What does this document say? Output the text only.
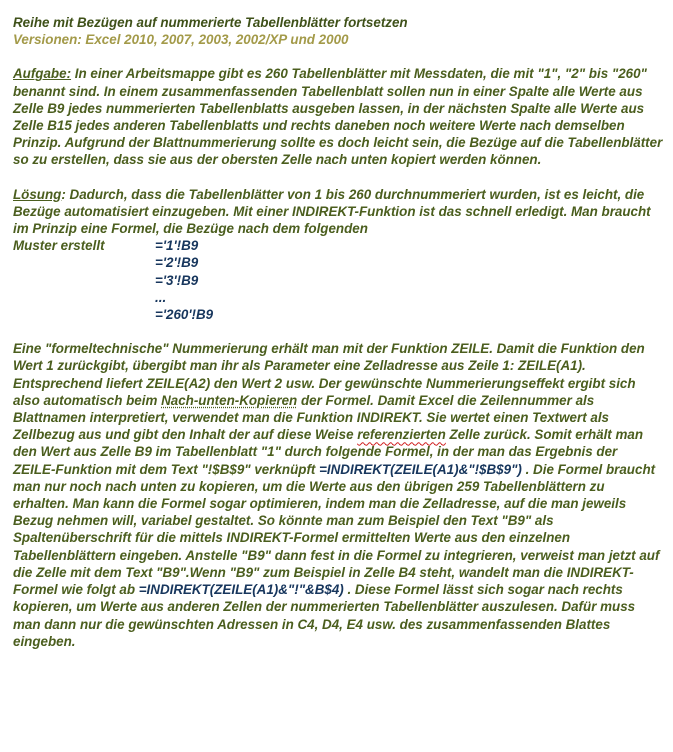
Reihe mit Bezügen auf nummerierte Tabellenblätter fortsetzen
Versionen: Excel 2010, 2007, 2003, 2002/XP und 2000

Aufgabe: In einer Arbeitsmappe gibt es 260 Tabellenblätter mit Messdaten, die mit "1", "2" bis "260" benannt sind. In einem zusammenfassenden Tabellenblatt sollen nun in einer Spalte alle Werte aus Zelle B9 jedes nummerierten Tabellenblatts ausgeben lassen, in der nächsten Spalte alle Werte aus Zelle B15 jedes anderen Tabellenblatts und rechts daneben noch weitere Werte nach demselben Prinzip. Aufgrund der Blattnummerierung sollte es doch leicht sein, die Bezüge auf die Tabellenblätter so zu erstellen, dass sie aus der obersten Zelle nach unten kopiert werden können.

Lösung: Dadurch, dass die Tabellenblätter von 1 bis 260 durchnummeriert wurden, ist es leicht, die Bezüge automatisiert einzugeben. Mit einer INDIREKT-Funktion ist das schnell erledigt. Man braucht im Prinzip eine Formel, die Bezüge nach dem folgenden

Muster erstellt	='1'!B9
='2'!B9
='3'!B9
...
='260'!B9

Eine "formeltechnische" Nummerierung erhält man mit der Funktion ZEILE. Damit die Funktion den Wert 1 zurückgibt, übergibt man ihr als Parameter eine Zelladresse aus Zeile 1: ZEILE(A1). Entsprechend liefert ZEILE(A2) den Wert 2 usw. Der gewünschte Nummerierungseffekt ergibt sich also automatisch beim Nach-unten-Kopieren der Formel. Damit Excel die Zeilennummer als Blattnamen interpretiert, verwendet man die Funktion INDIREKT. Sie wertet einen Textwert als Zellbezug aus und gibt den Inhalt der auf diese Weise referenzierten Zelle zurück. Somit erhält man den Wert aus Zelle B9 im Tabellenblatt "1" durch folgende Formel, in der man das Ergebnis der ZEILE-Funktion mit dem Text "!$B$9" verknüpft =INDIREKT(ZEILE(A1)&"!$B$9") . Die Formel braucht man nur noch nach unten zu kopieren, um die Werte aus den übrigen 259 Tabellenblättern zu erhalten. Man kann die Formel sogar optimieren, indem man die Zelladresse, auf die man jeweils Bezug nehmen will, variabel gestaltet. So könnte man zum Beispiel den Text "B9" als Spaltenüberschrift für die mittels INDIREKT-Formel ermittelten Werte aus den einzelnen Tabellenblättern eingeben. Anstelle "B9" dann fest in die Formel zu integrieren, verweist man jetzt auf die Zelle mit dem Text "B9".Wenn "B9" zum Beispiel in Zelle B4 steht, wandelt man die INDIREKT-Formel wie folgt ab =INDIREKT(ZEILE(A1)&"!"&B$4) . Diese Formel lässt sich sogar nach rechts kopieren, um Werte aus anderen Zellen der nummerierten Tabellenblätter auszulesen. Dafür muss man dann nur die gewünschten Adressen in C4, D4, E4 usw. des zusammenfassenden Blattes eingeben.
